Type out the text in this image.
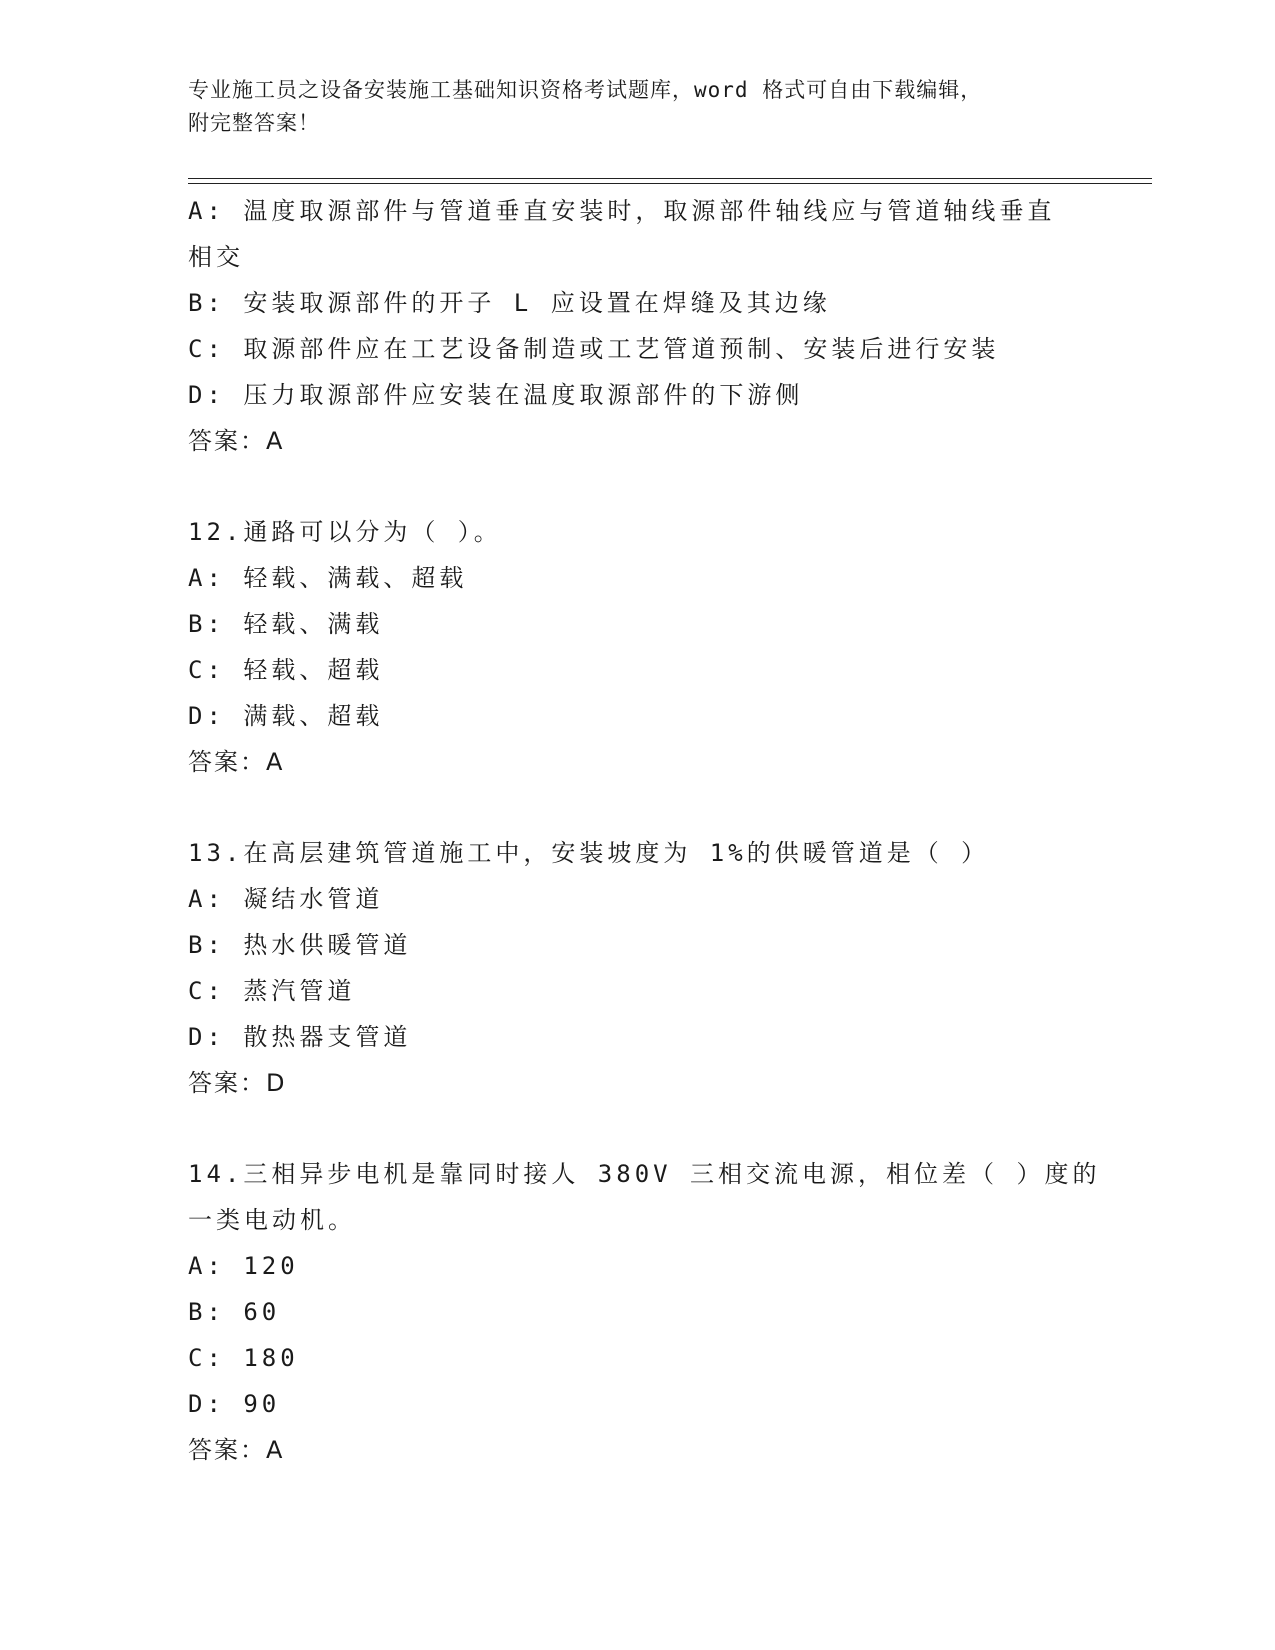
专业施工员之设备安装施工基础知识资格考试题库，word 格式可自由下载编辑，
附完整答案！
A: 温度取源部件与管道垂直安装时，取源部件轴线应与管道轴线垂直
相交
B: 安装取源部件的开子 L 应设置在焊缝及其边缘
C: 取源部件应在工艺设备制造或工艺管道预制、安装后进行安装
D: 压力取源部件应安装在温度取源部件的下游侧
答案：A
12.通路可以分为（ ）。
A: 轻载、满载、超载
B: 轻载、满载
C: 轻载、超载
D: 满载、超载
答案：A
13.在高层建筑管道施工中，安装坡度为 1%的供暖管道是（ ）
A: 凝结水管道
B: 热水供暖管道
C: 蒸汽管道
D: 散热器支管道
答案：D
14.三相异步电机是靠同时接人 380V 三相交流电源，相位差（ ）度的
一类电动机。
A: 120
B: 60
C: 180
D: 90
答案：A
